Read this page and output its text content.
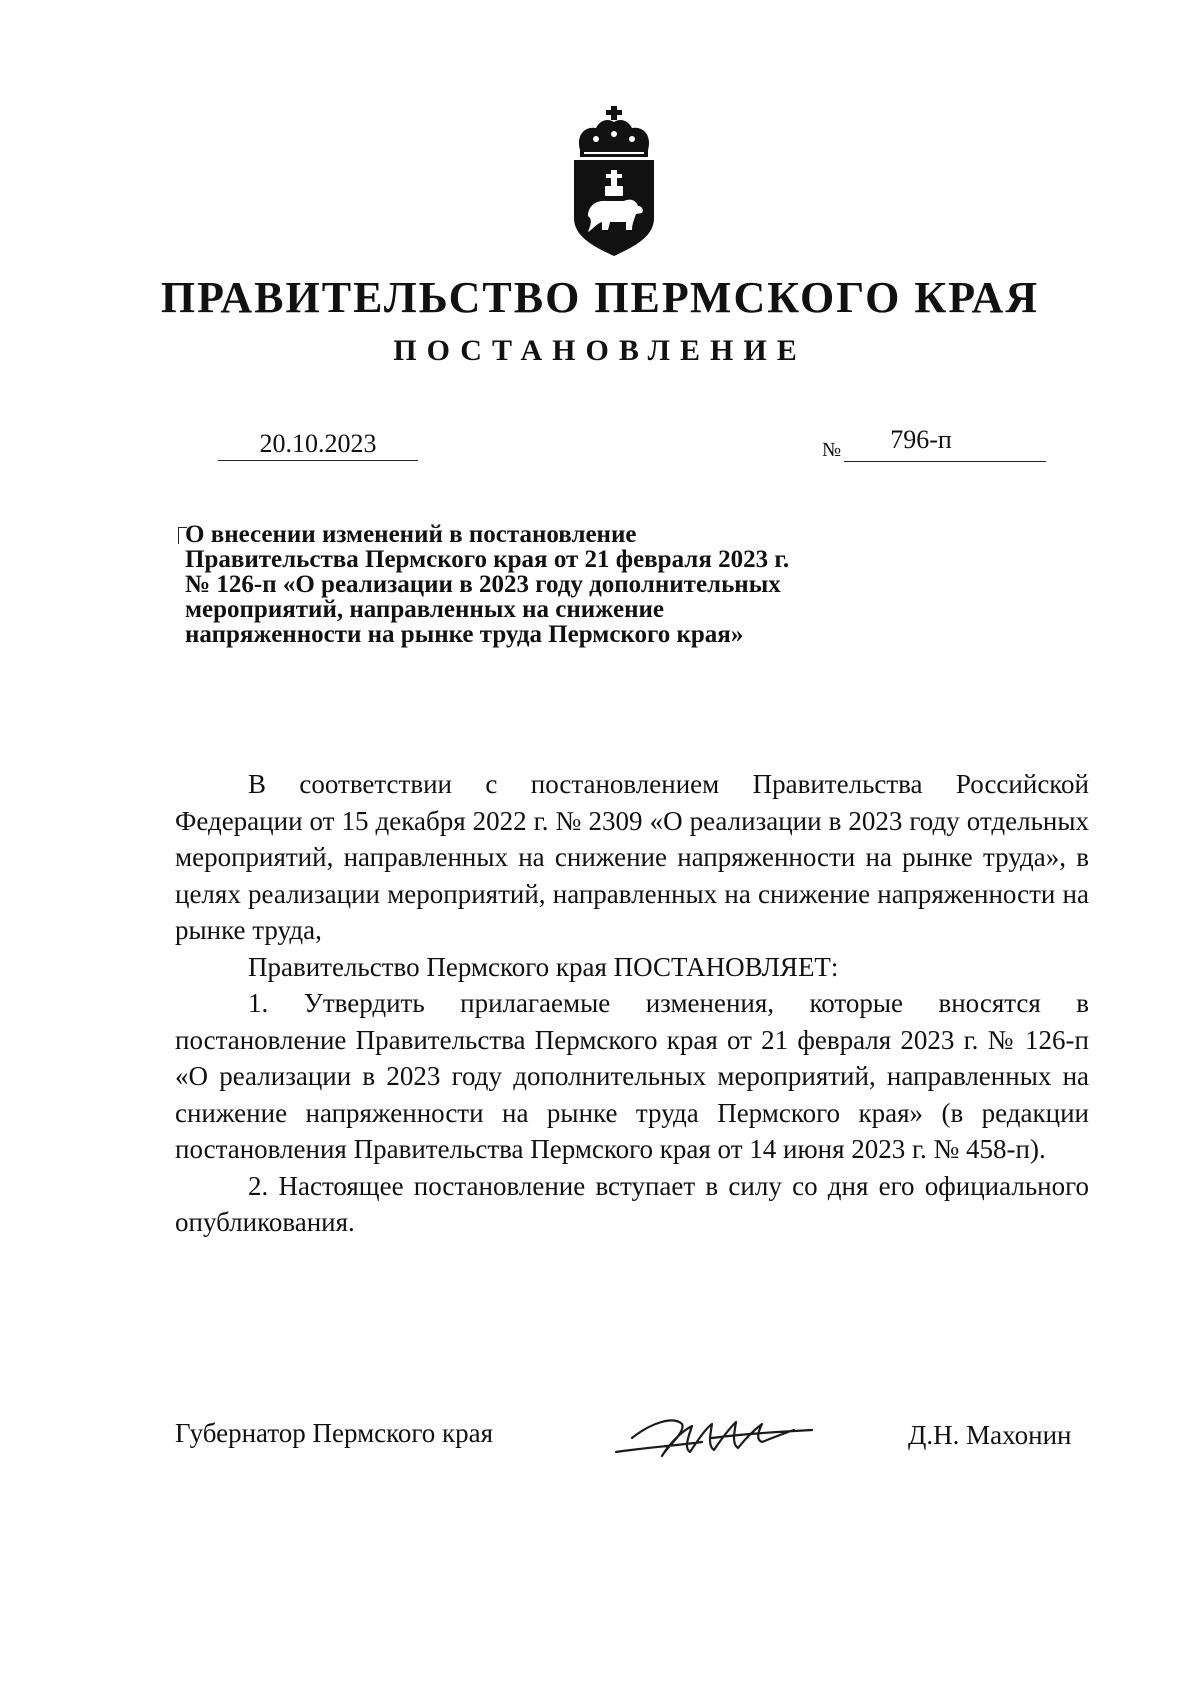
ПРАВИТЕЛЬСТВО ПЕРМСКОГО КРАЯ
ПОСТАНОВЛЕНИЕ
20.10.2023	№	796-п

О внесении изменений в постановление Правительства Пермского края от 21 февраля 2023 г. № 126-п «О реализации в 2023 году дополнительных мероприятий, направленных на снижение напряженности на рынке труда Пермского края»

В соответствии с постановлением Правительства Российской Федерации от 15 декабря 2022 г. № 2309 «О реализации в 2023 году отдельных мероприятий, направленных на снижение напряженности на рынке труда», в целях реализации мероприятий, направленных на снижение напряженности на рынке труда,

Правительство Пермского края ПОСТАНОВЛЯЕТ:

1. Утвердить прилагаемые изменения, которые вносятся в постановление Правительства Пермского края от 21 февраля 2023 г. № 126-п «О реализации в 2023 году дополнительных мероприятий, направленных на снижение напряженности на рынке труда Пермского края» (в редакции постановления Правительства Пермского края от 14 июня 2023 г. № 458-п).

2. Настоящее постановление вступает в силу со дня его официального опубликования.

Губернатор Пермского края	Д.Н. Махонин
